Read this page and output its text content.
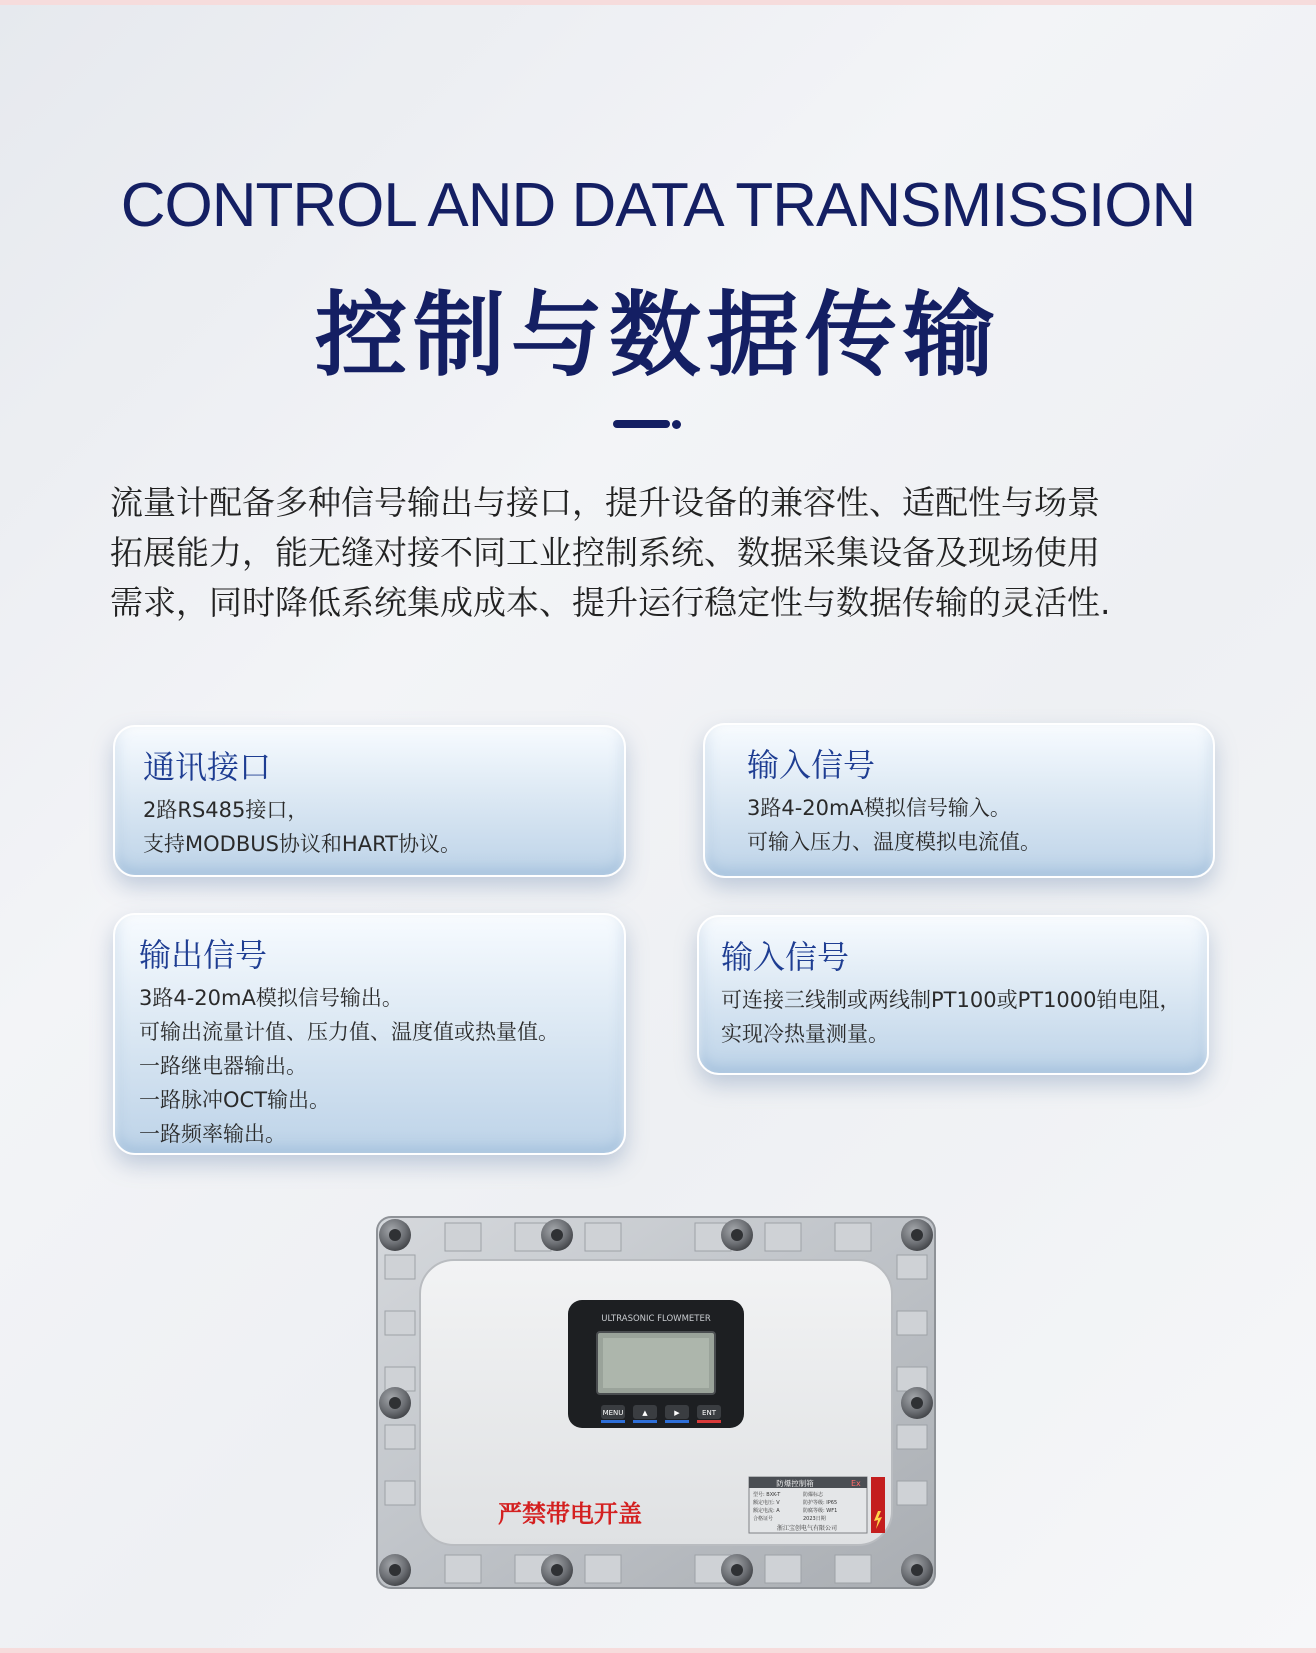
CONTROL AND DATA TRANSMISSION
控制与数据传输
流量计配备多种信号输出与接口，提升设备的兼容性、适配性与场景
拓展能力，能无缝对接不同工业控制系统、数据采集设备及现场使用
需求，同时降低系统集成成本、提升运行稳定性与数据传输的灵活性.
通讯接口
2路RS485接口，
支持MODBUS协议和HART协议。
输入信号
3路4-20mA模拟信号输入。
可输入压力、温度模拟电流值。
输出信号
3路4-20mA模拟信号输出。
可输出流量计值、压力值、温度值或热量值。
一路继电器输出。
一路脉冲OCT输出。
一路频率输出。
输入信号
可连接三线制或两线制PT100或PT1000铂电阻，
实现冷热量测量。
ULTRASONIC FLOWMETER
MENU	▲	▶	ENT
严禁带电开盖
防爆控制箱	Ex
型号: BXK-T	防爆标志
额定电压: V	防护等级: IP65
额定电流: A	防腐等级: WF1
合格证号	2023日期
浙江宝创电气有限公司
